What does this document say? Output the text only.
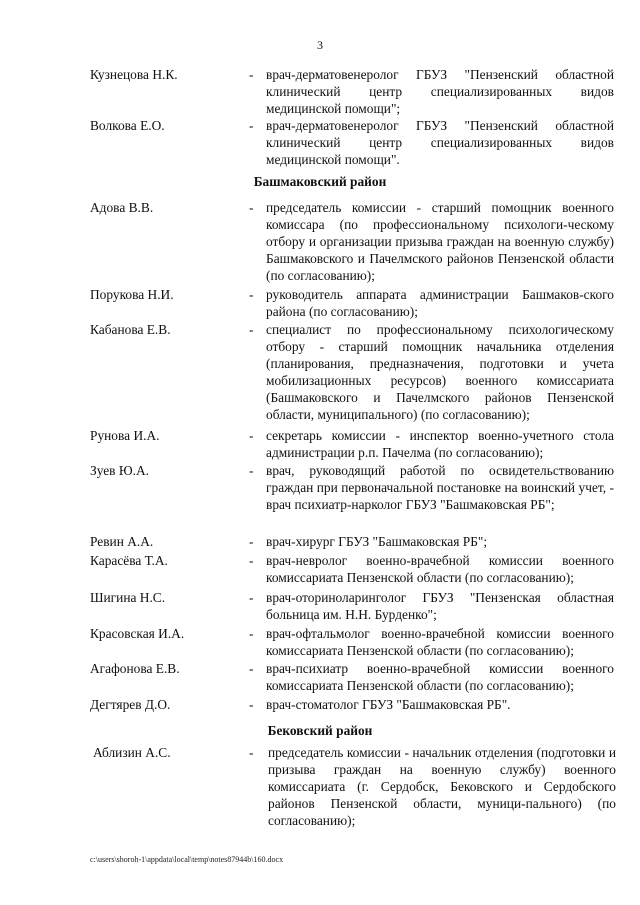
3
Кузнецова Н.К.	- врач-дерматовенеролог ГБУЗ "Пензенский областной клинический центр специализированных видов медицинской помощи";
Волкова Е.О.	- врач-дерматовенеролог ГБУЗ "Пензенский областной клинический центр специализированных видов медицинской помощи".
Башмаковский район
Адова В.В.	- председатель комиссии - старший помощник военного комиссара (по профессиональному психологи-ческому отбору и организации призыва граждан на военную службу) Башмаковского и Пачелмского районов Пензенской области (по согласованию);
Порукова Н.И.	- руководитель аппарата администрации Башмаков-ского района (по согласованию);
Кабанова Е.В.	- специалист по профессиональному психологическому отбору - старший помощник начальника отделения (планирования, предназначения, подготовки и учета мобилизационных ресурсов) военного комиссариата (Башмаковского и Пачелмского районов Пензенской области, муниципального) (по согласованию);
Рунова И.А.	- секретарь комиссии - инспектор военно-учетного стола администрации р.п. Пачелма (по согласованию);
Зуев Ю.А.	- врач, руководящий работой по освидетельствованию граждан при первоначальной постановке на воинский учет, - врач психиатр-нарколог ГБУЗ "Башмаковская РБ";
Ревин А.А.	- врач-хирург ГБУЗ "Башмаковская РБ";
Карасёва Т.А.	- врач-невролог военно-врачебной комиссии военного комиссариата Пензенской области (по согласованию);
Шигина Н.С.	- врач-оториноларинголог ГБУЗ "Пензенская областная больница им. Н.Н. Бурденко";
Красовская И.А.	- врач-офтальмолог военно-врачебной комиссии военного комиссариата Пензенской области (по согласованию);
Агафонова Е.В.	- врач-психиатр военно-врачебной комиссии военного комиссариата Пензенской области (по согласованию);
Дегтярев Д.О.	- врач-стоматолог ГБУЗ "Башмаковская РБ".
Бековский район
Аблизин А.С.	- председатель комиссии - начальник отделения (подготовки и призыва граждан на военную службу) военного комиссариата (г. Сердобск, Бековского и Сердобского районов Пензенской области, муници-пального) (по согласованию);
c:\users\shoroh-1\appdata\local\temp\notes87944b\160.docx
